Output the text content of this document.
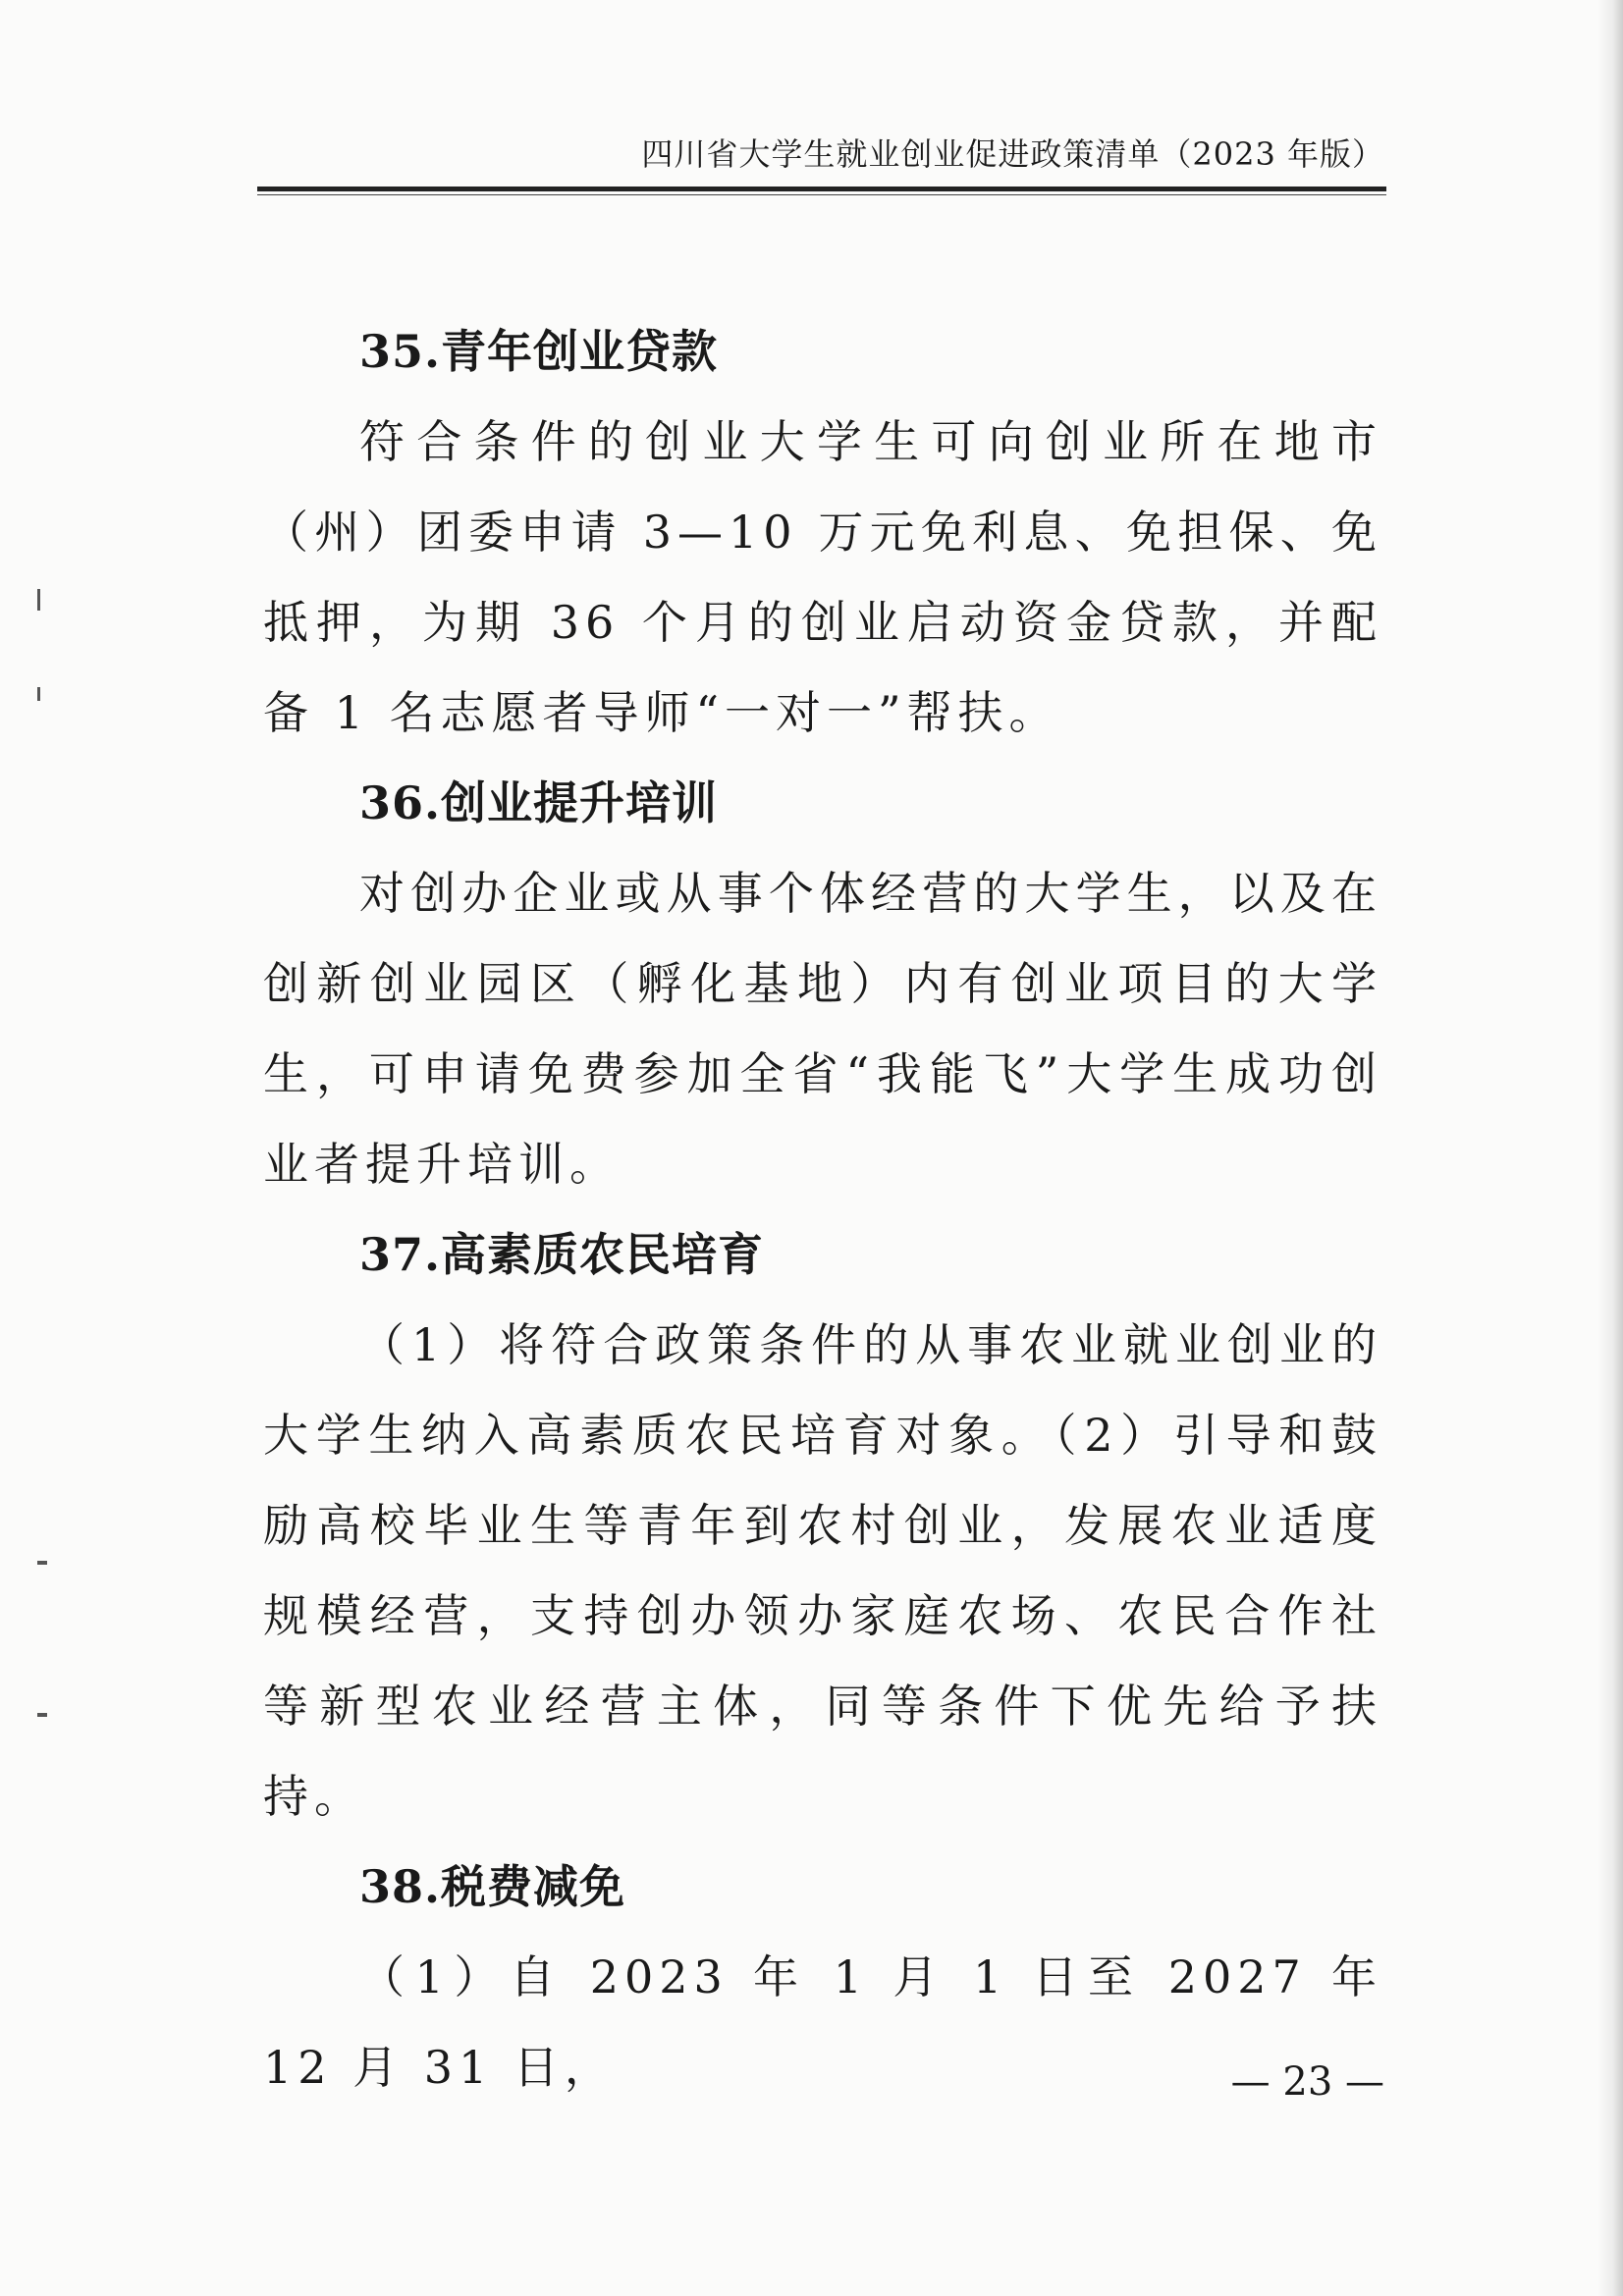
四川省大学生就业创业促进政策清单（2023 年版）

35.青年创业贷款

符合条件的创业大学生可向创业所在地市（州）团委申请 3—10 万元免利息、免担保、免抵押，为期 36 个月的创业启动资金贷款，并配备 1 名志愿者导师“一对一”帮扶。

36.创业提升培训

对创办企业或从事个体经营的大学生，以及在创新创业园区（孵化基地）内有创业项目的大学生，可申请免费参加全省“我能飞”大学生成功创业者提升培训。

37.高素质农民培育

（1）将符合政策条件的从事农业就业创业的大学生纳入高素质农民培育对象。（2）引导和鼓励高校毕业生等青年到农村创业，发展农业适度规模经营，支持创办领办家庭农场、农民合作社等新型农业经营主体，同等条件下优先给予扶持。

38.税费减免

（1）自 2023 年 1 月 1 日至 2027 年 12 月 31 日，	— 23 —
